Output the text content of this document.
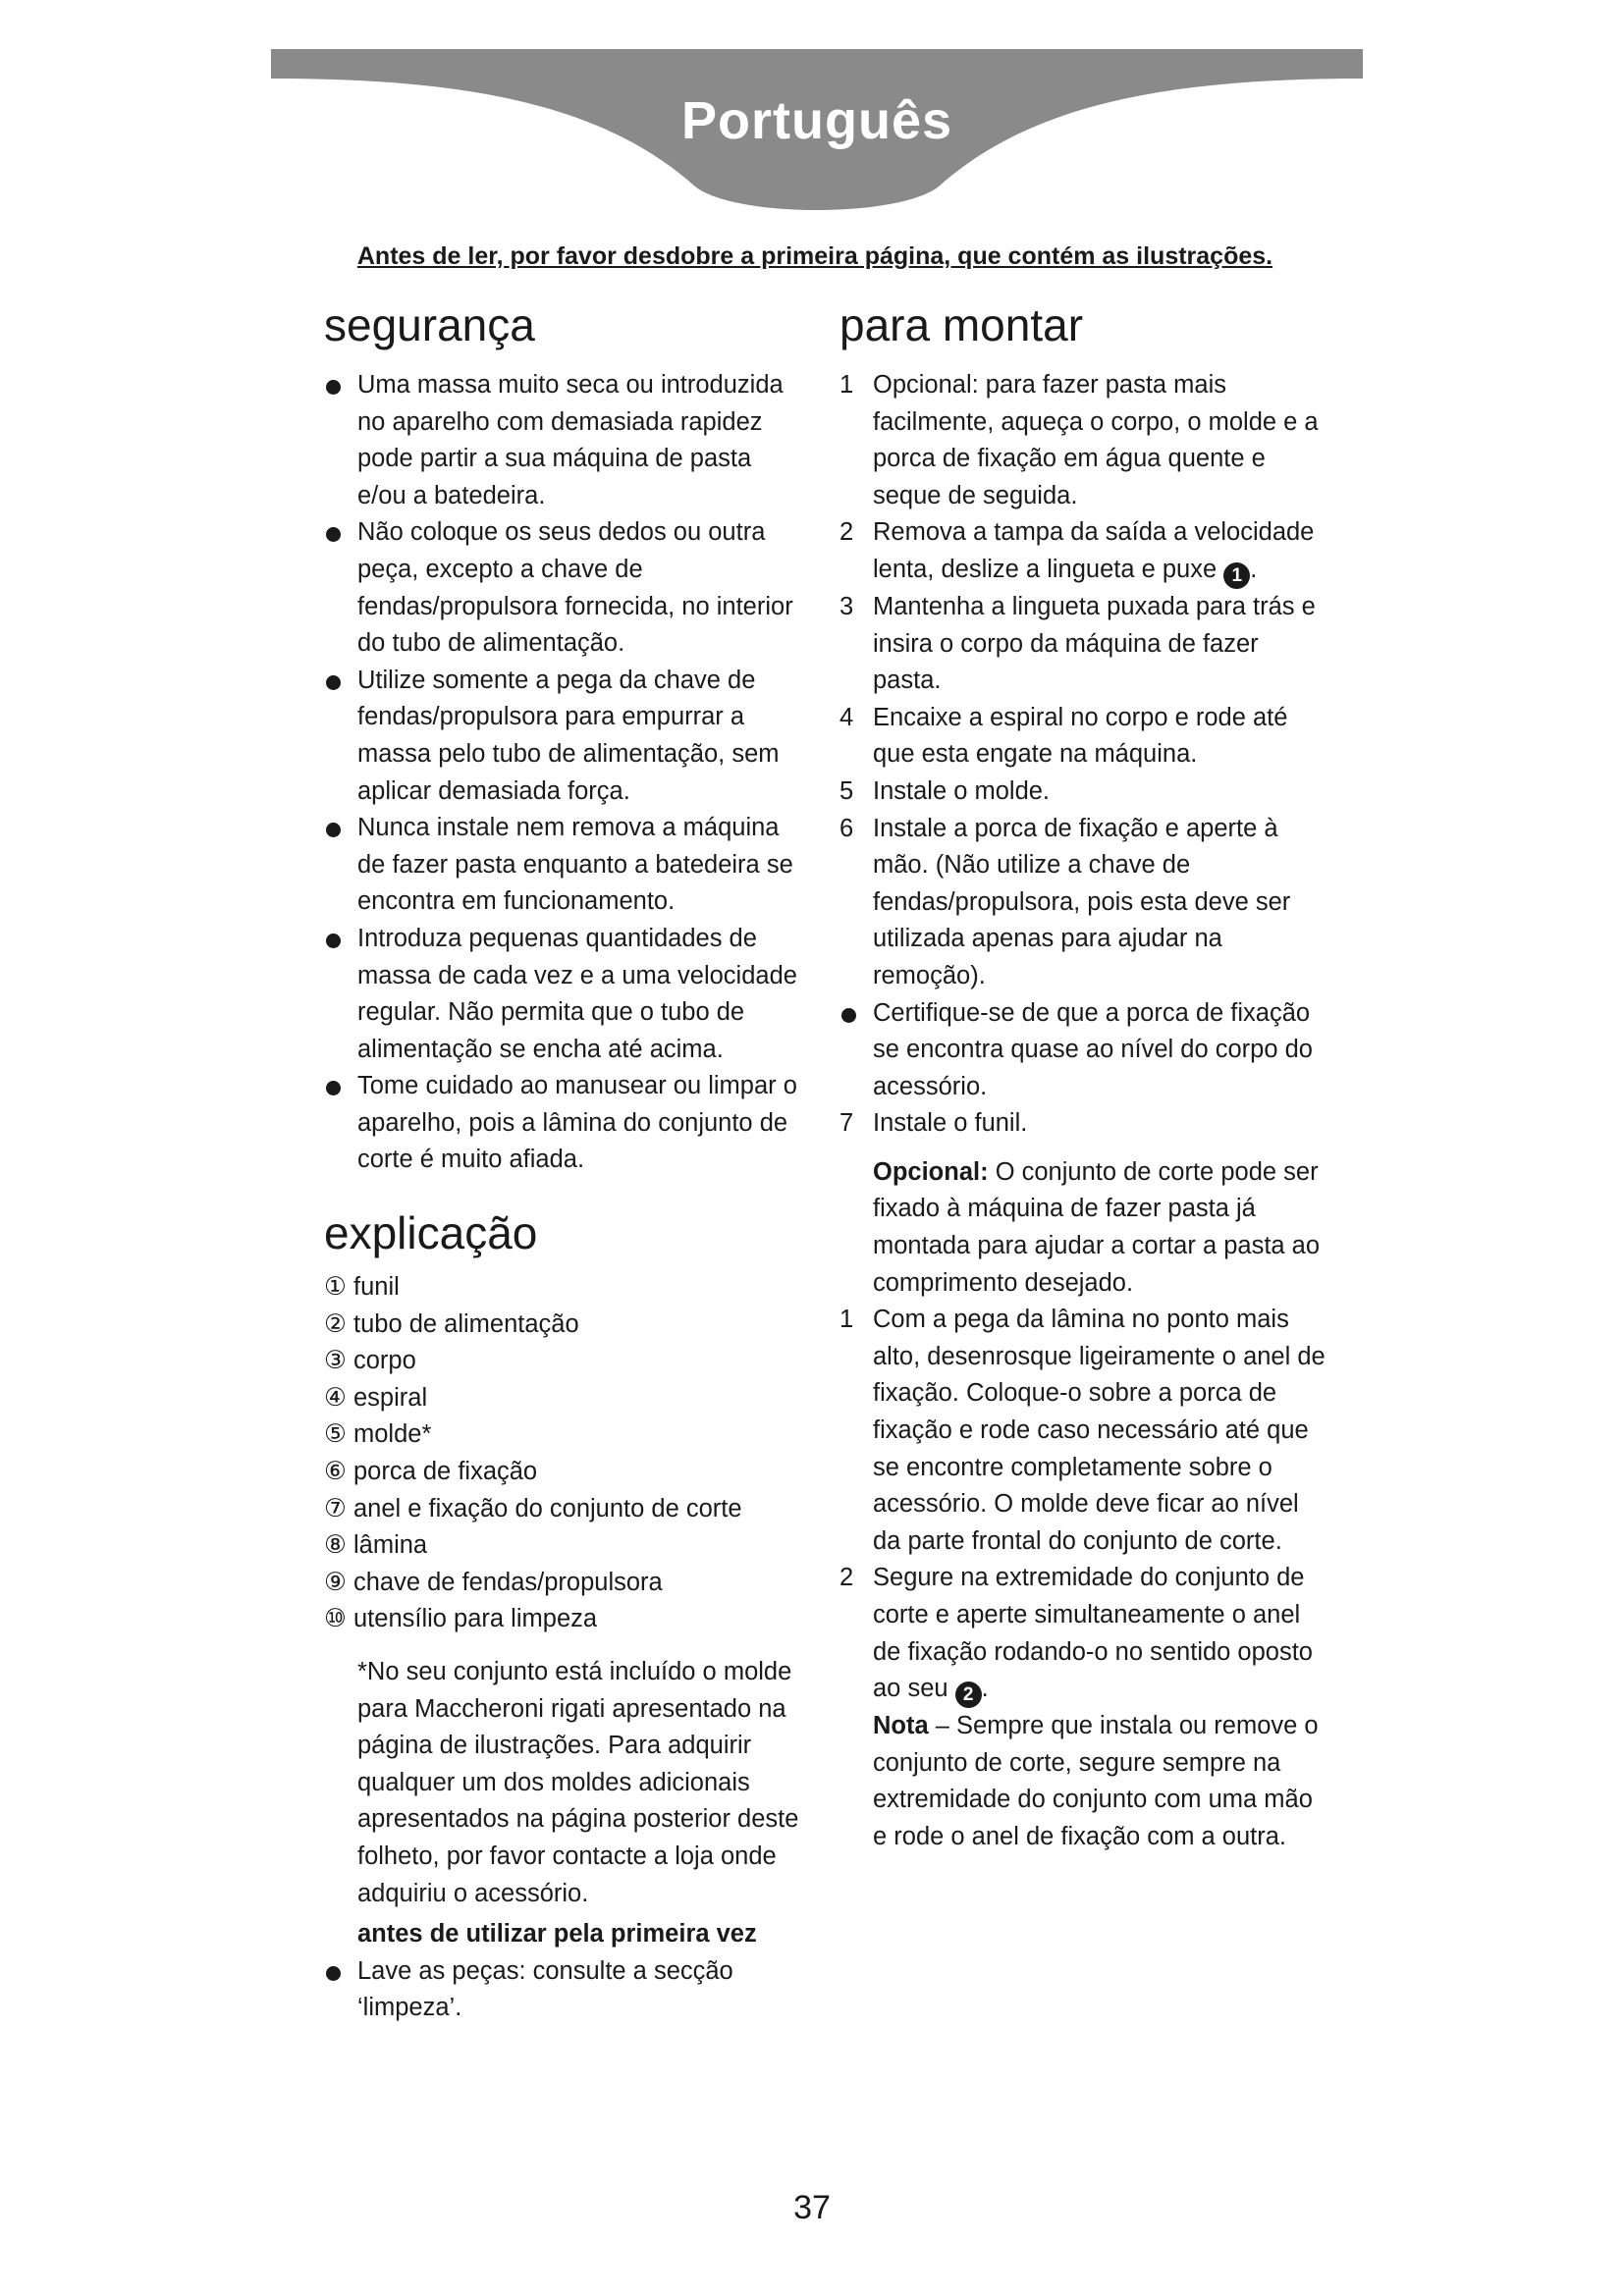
Português
Antes de ler, por favor desdobre a primeira página, que contém as ilustrações.
segurança
Uma massa muito seca ou introduzida no aparelho com demasiada rapidez pode partir a sua máquina de pasta e/ou a batedeira.
Não coloque os seus dedos ou outra peça, excepto a chave de fendas/propulsora fornecida, no interior do tubo de alimentação.
Utilize somente a pega da chave de fendas/propulsora para empurrar a massa pelo tubo de alimentação, sem aplicar demasiada força.
Nunca instale nem remova a máquina de fazer pasta enquanto a batedeira se encontra em funcionamento.
Introduza pequenas quantidades de massa de cada vez e a uma velocidade regular. Não permita que o tubo de alimentação se encha até acima.
Tome cuidado ao manusear ou limpar o aparelho, pois a lâmina do conjunto de corte é muito afiada.
explicação
① funil
② tubo de alimentação
③ corpo
④ espiral
⑤ molde*
⑥ porca de fixação
⑦ anel e fixação do conjunto de corte
⑧ lâmina
⑨ chave de fendas/propulsora
⑩ utensílio para limpeza
*No seu conjunto está incluído o molde para Maccheroni rigati apresentado na página de ilustrações. Para adquirir qualquer um dos moldes adicionais apresentados na página posterior deste folheto, por favor contacte a loja onde adquiriu o acessório.
antes de utilizar pela primeira vez
Lave as peças: consulte a secção ‘limpeza’.
para montar
1 Opcional: para fazer pasta mais facilmente, aqueça o corpo, o molde e a porca de fixação em água quente e seque de seguida.
2 Remova a tampa da saída a velocidade lenta, deslize a lingueta e puxe 1 .
3 Mantenha a lingueta puxada para trás e insira o corpo da máquina de fazer pasta.
4 Encaixe a espiral no corpo e rode até que esta engate na máquina.
5 Instale o molde.
6 Instale a porca de fixação e aperte à mão. (Não utilize a chave de fendas/propulsora, pois esta deve ser utilizada apenas para ajudar na remoção).
Certifique-se de que a porca de fixação se encontra quase ao nível do corpo do acessório.
7 Instale o funil.
Opcional: O conjunto de corte pode ser fixado à máquina de fazer pasta já montada para ajudar a cortar a pasta ao comprimento desejado.
1 Com a pega da lâmina no ponto mais alto, desenrosque ligeiramente o anel de fixação. Coloque-o sobre a porca de fixação e rode caso necessário até que se encontre completamente sobre o acessório. O molde deve ficar ao nível da parte frontal do conjunto de corte.
2 Segure na extremidade do conjunto de corte e aperte simultaneamente o anel de fixação rodando-o no sentido oposto ao seu 2 .
Nota – Sempre que instala ou remove o conjunto de corte, segure sempre na extremidade do conjunto com uma mão e rode o anel de fixação com a outra.
37
